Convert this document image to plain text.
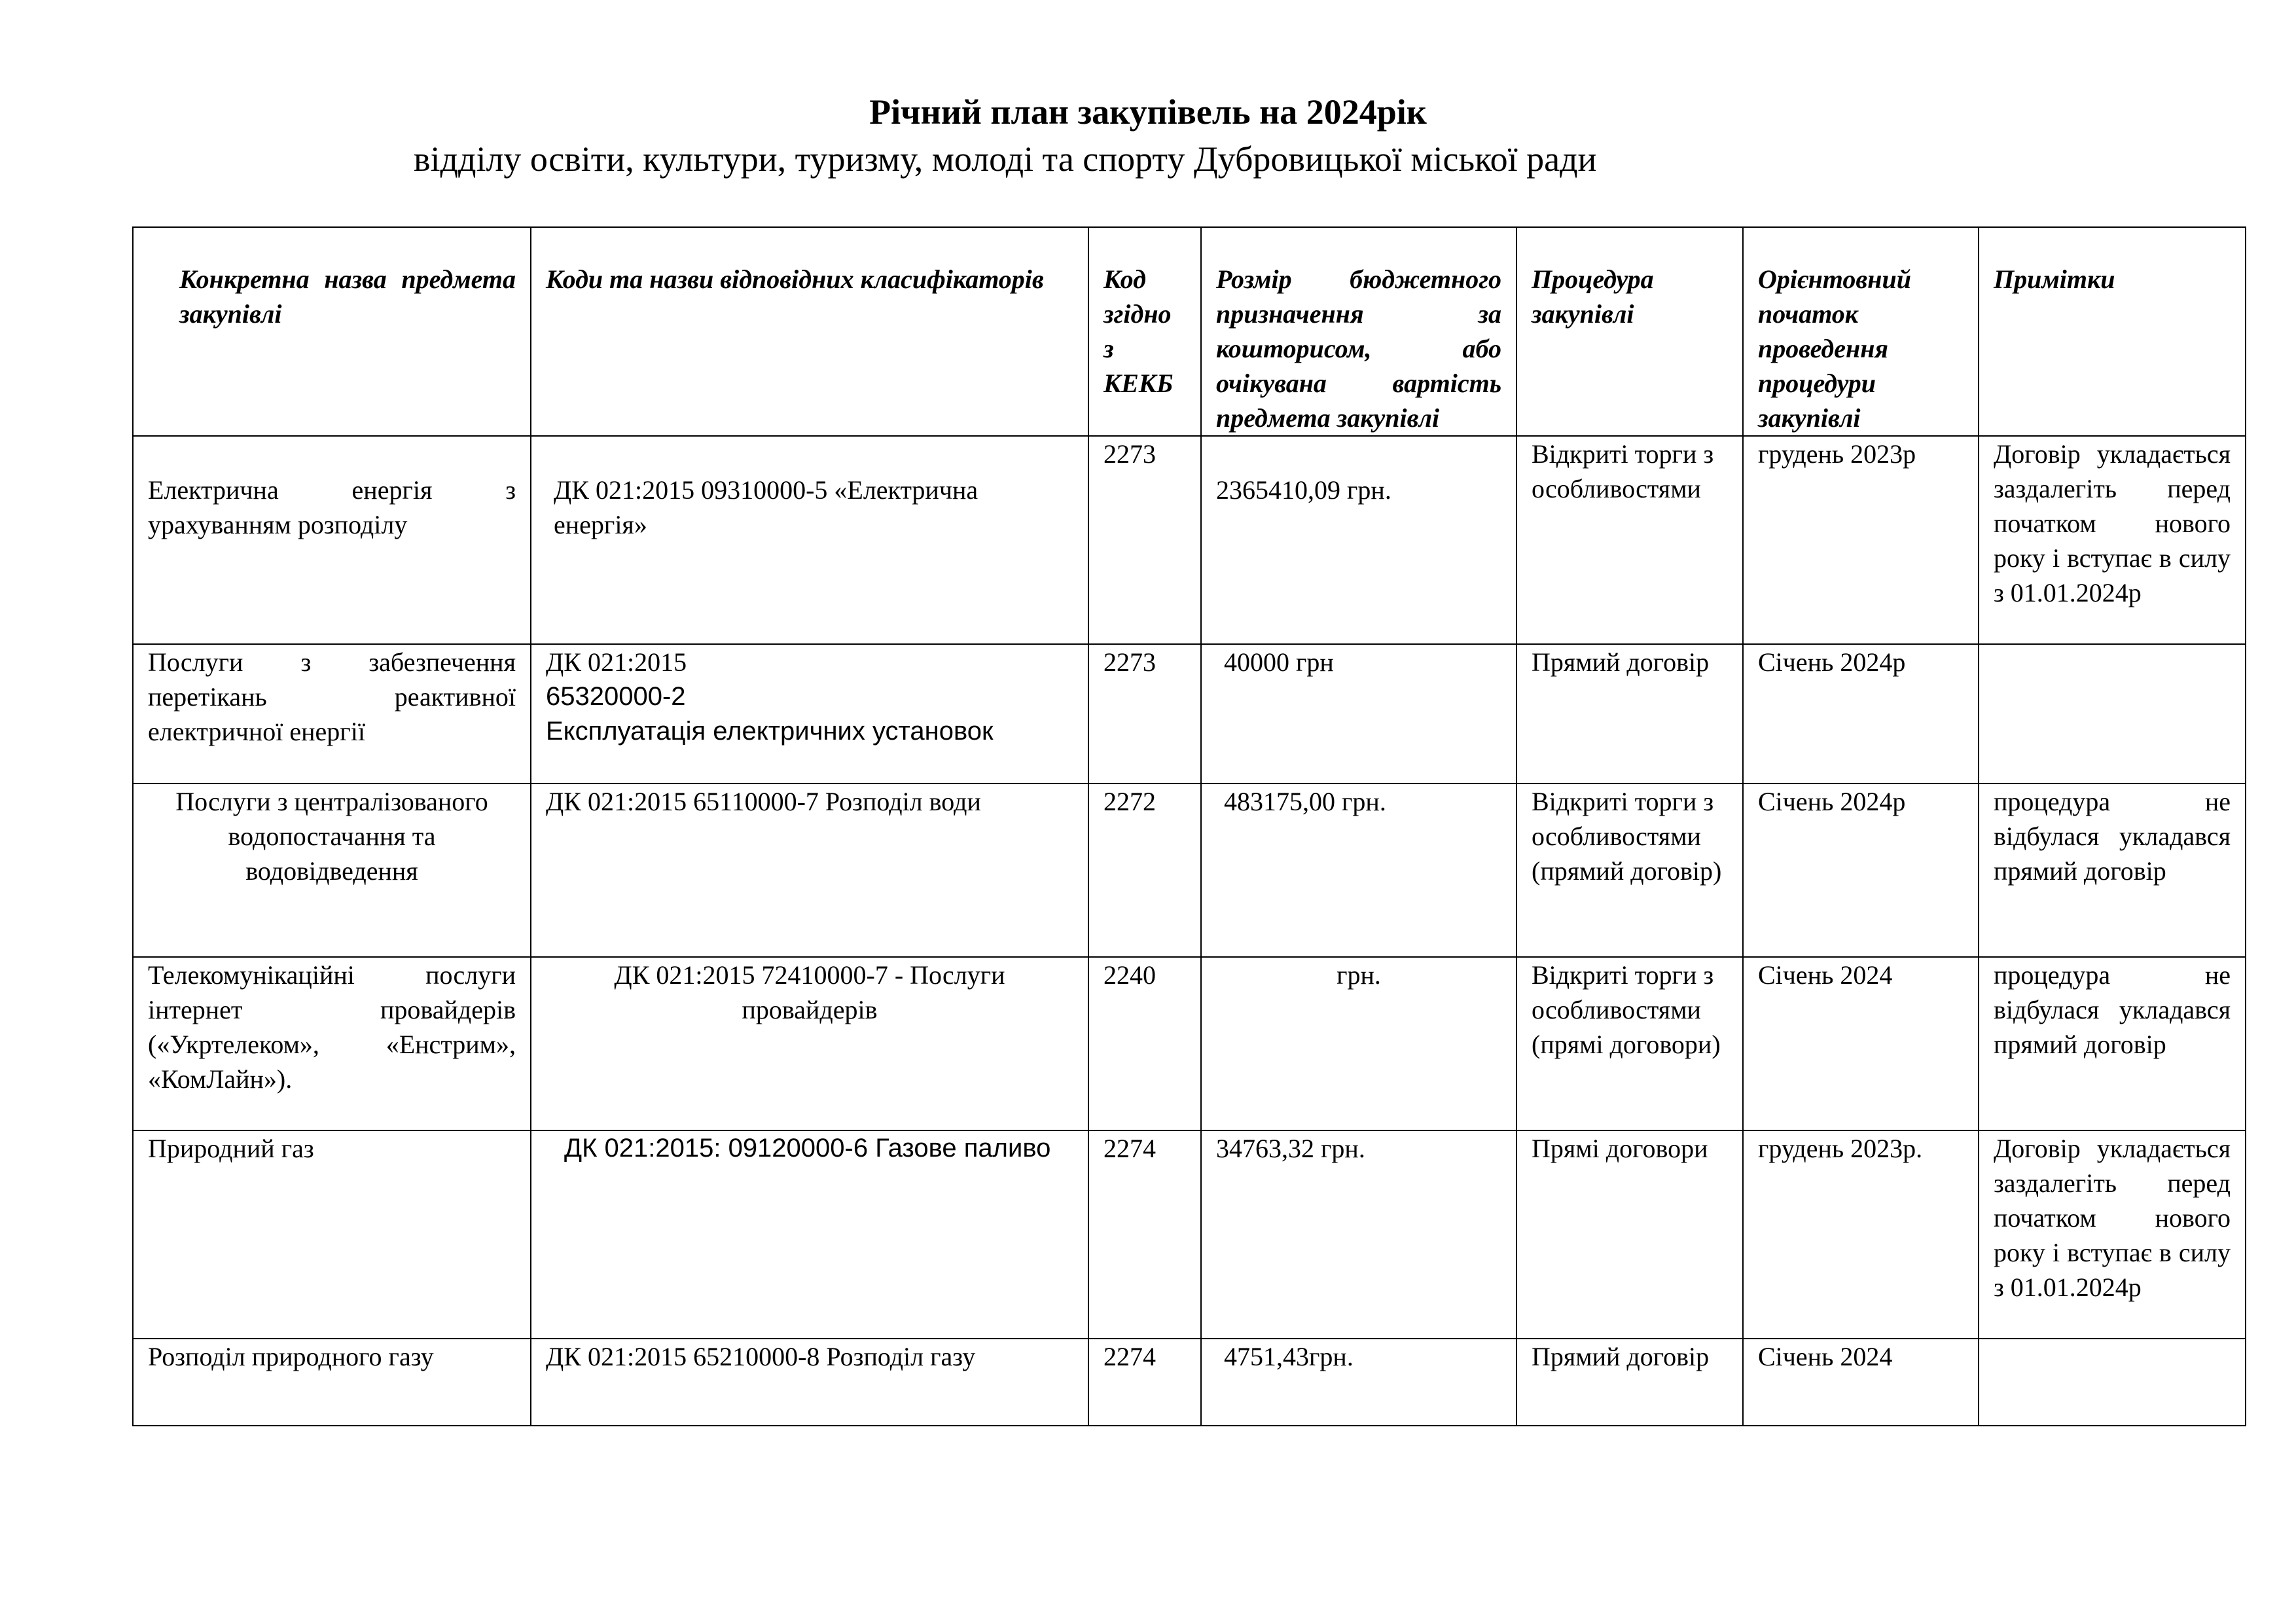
Річний план закупівель на 2024рік
відділу освіти, культури, туризму, молоді та спорту Дубровицької міської ради
Конкретна назва предмета закупівлі	Коди та назви відповідних класифікаторів	Код згідно з КЕКБ	Розмір бюджетного призначення за кошторисом, або очікувана вартість предмета закупівлі	Процедура закупівлі	Орієнтовний початок проведення процедури закупівлі	Примітки
Електрична енергія з урахуванням розподілу	ДК 021:2015 09310000-5 «Електрична енергія»	2273	2365410,09 грн.	Відкриті торги з особливостями	грудень 2023р	Договір укладається заздалегіть перед початком нового року і вступає в силу з 01.01.2024р
Послуги з забезпечення перетікань реактивної електричної енергії	ДК 021:2015
65320000-2
Експлуатація електричних установок	2273	40000 грн	Прямий договір	Січень 2024р	
Послуги з централізованого водопостачання та водовідведення	ДК 021:2015 65110000-7 Розподіл води	2272	483175,00 грн.	Відкриті торги з особливостями (прямий договір)	Січень 2024р	процедура не відбулася укладався прямий договір
Телекомунікаційні послуги інтернет провайдерів («Укртелеком», «Енстрим», «КомЛайн»).	ДК 021:2015 72410000-7 - Послуги провайдерів	2240	грн.	Відкриті торги з особливостями (прямі договори)	Січень 2024	процедура не відбулася укладався прямий договір
Природний газ	ДК 021:2015: 09120000-6 Газове паливо	2274	34763,32 грн.	Прямі договори	грудень 2023р.	Договір укладається заздалегіть перед початком нового року і вступає в силу з 01.01.2024р
Розподіл природного газу	ДК 021:2015 65210000-8 Розподіл газу	2274	4751,43грн.	Прямий договір	Січень 2024	
